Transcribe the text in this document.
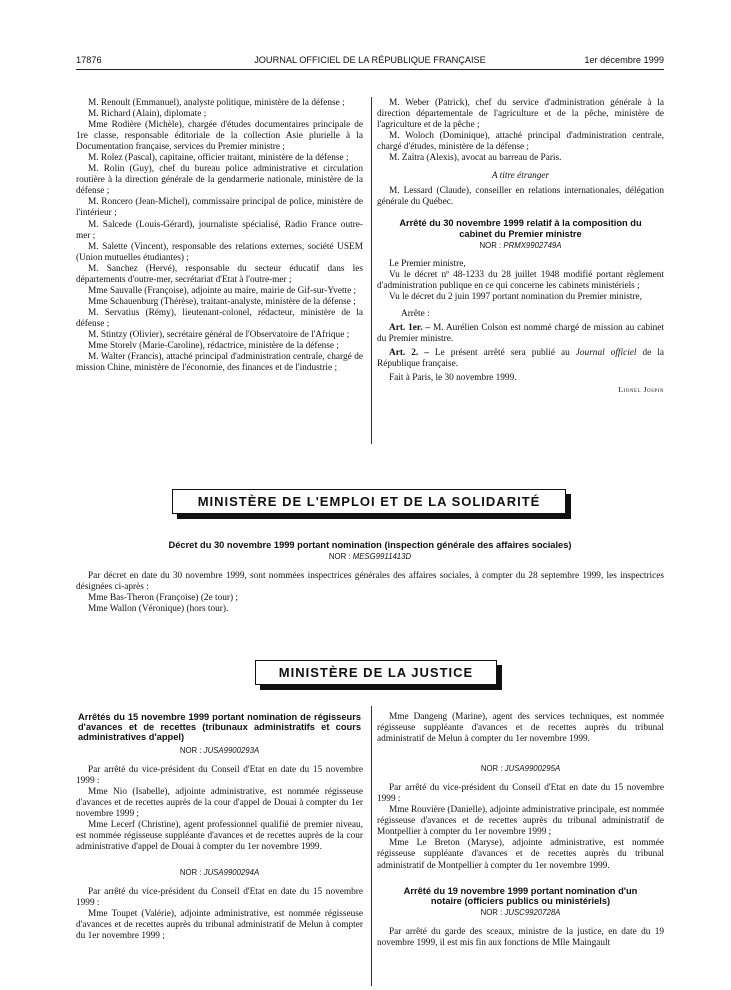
17876	JOURNAL OFFICIEL DE LA RÉPUBLIQUE FRANÇAISE	1er décembre 1999

M. Renoult (Emmanuel), analyste politique, ministère de la défense ;

M. Richard (Alain), diplomate ;

Mme Rodière (Michèle), chargée d'études documentaires principale de 1re classe, responsable éditoriale de la collection Asie plurielle à la Documentation française, services du Premier ministre ;

M. Rolez (Pascal), capitaine, officier traitant, ministère de la défense ;

M. Rolin (Guy), chef du bureau police administrative et circulation routière à la direction générale de la gendarmerie nationale, ministère de la défense ;

M. Roncero (Jean-Michel), commissaire principal de police, ministère de l'intérieur ;

M. Salcede (Louis-Gérard), journaliste spécialisé, Radio France outre-mer ;

M. Salette (Vincent), responsable des relations externes, société USEM (Union mutuelles étudiantes) ;

M. Sanchez (Hervé), responsable du secteur éducatif dans les départements d'outre-mer, secrétariat d'Etat à l'outre-mer ;

Mme Sauvalle (Françoise), adjointe au maire, mairie de Gif-sur-Yvette ;

Mme Schauenburg (Thérèse), traitant-analyste, ministère de la défense ;

M. Servatius (Rémy), lieutenant-colonel, rédacteur, ministère de la défense ;

M. Stintzy (Olivier), secrétaire général de l'Observatoire de l'Afrique ;

Mme Storelv (Marie-Caroline), rédactrice, ministère de la défense ;

M. Walter (Francis), attaché principal d'administration centrale, chargé de mission Chine, ministère de l'économie, des finances et de l'industrie ;

M. Weber (Patrick), chef du service d'administration générale à la direction départementale de l'agriculture et de la pêche, ministère de l'agriculture et de la pêche ;

M. Woloch (Dominique), attaché principal d'administration centrale, chargé d'études, ministère de la défense ;

M. Zaïtra (Alexis), avocat au barreau de Paris.

A titre étranger

M. Lessard (Claude), conseiller en relations internationales, délégation générale du Québec.

Arrêté du 30 novembre 1999 relatif à la composition du cabinet du Premier ministre

NOR : PRMX9902749A

Le Premier ministre,

Vu le décret nº 48-1233 du 28 juillet 1948 modifié portant règlement d'administration publique en ce qui concerne les cabinets ministériels ;

Vu le décret du 2 juin 1997 portant nomination du Premier ministre,

Arrête :

Art. 1er. – M. Aurélien Colson est nommé chargé de mission au cabinet du Premier ministre.

Art. 2. – Le présent arrêté sera publié au Journal officiel de la République française.

Fait à Paris, le 30 novembre 1999.

Lionel Jospin

MINISTÈRE DE L'EMPLOI ET DE LA SOLIDARITÉ

Décret du 30 novembre 1999 portant nomination (inspection générale des affaires sociales)

NOR : MESG9911413D

Par décret en date du 30 novembre 1999, sont nommées inspectrices générales des affaires sociales, à compter du 28 septembre 1999, les inspectrices désignées ci-après :

Mme Bas-Theron (Françoise) (2e tour) ;

Mme Wallon (Véronique) (hors tour).

MINISTÈRE DE LA JUSTICE

Arrêtés du 15 novembre 1999 portant nomination de régisseurs d'avances et de recettes (tribunaux administratifs et cours administratives d'appel)

NOR : JUSA9900293A

Par arrêté du vice-président du Conseil d'Etat en date du 15 novembre 1999 :

Mme Nio (Isabelle), adjointe administrative, est nommée régisseuse d'avances et de recettes auprès de la cour d'appel de Douai à compter du 1er novembre 1999 ;

Mme Lecerf (Christine), agent professionnel qualifié de premier niveau, est nommée régisseuse suppléante d'avances et de recettes auprès de la cour administrative d'appel de Douai à compter du 1er novembre 1999.

NOR : JUSA9900294A

Par arrêté du vice-président du Conseil d'Etat en date du 15 novembre 1999 :

Mme Toupet (Valérie), adjointe administrative, est nommée régisseuse d'avances et de recettes auprès du tribunal administratif de Melun à compter du 1er novembre 1999 ;

Mme Dangeng (Marine), agent des services techniques, est nommée régisseuse suppléante d'avances et de recettes auprès du tribunal administratif de Melun à compter du 1er novembre 1999.

NOR : JUSA9900295A

Par arrêté du vice-président du Conseil d'Etat en date du 15 novembre 1999 :

Mme Rouvière (Danielle), adjointe administrative principale, est nommée régisseuse d'avances et de recettes auprès du tribunal administratif de Montpellier à compter du 1er novembre 1999 ;

Mme Le Breton (Maryse), adjointe administrative, est nommée régisseuse suppléante d'avances et de recettes auprès du tribunal administratif de Montpellier à compter du 1er novembre 1999.

Arrêté du 19 novembre 1999 portant nomination d'un notaire (officiers publics ou ministériels)

NOR : JUSC9920728A

Par arrêté du garde des sceaux, ministre de la justice, en date du 19 novembre 1999, il est mis fin aux fonctions de Mlle Maingault
